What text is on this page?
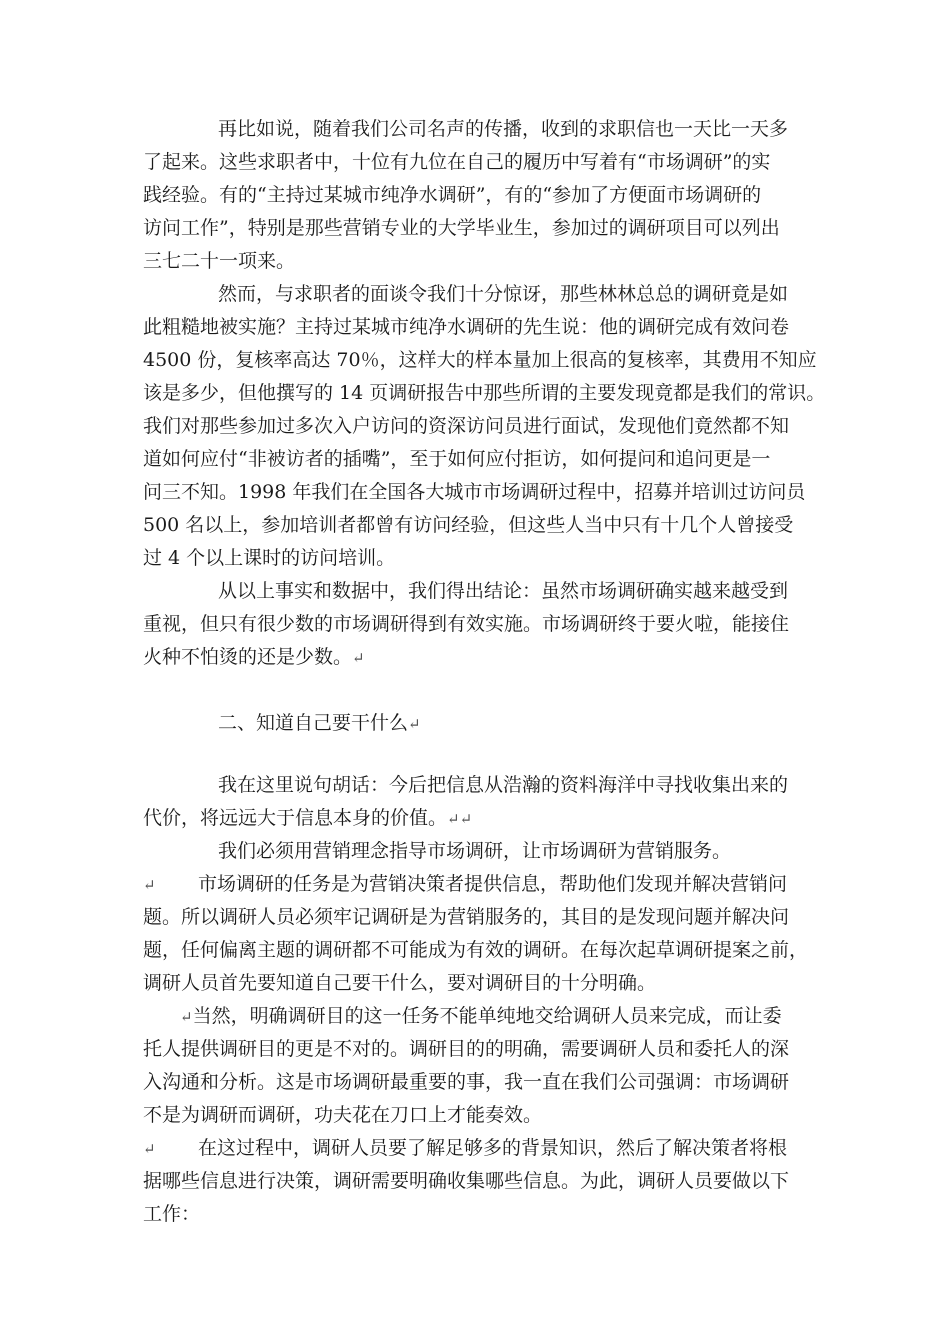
再比如说，随着我们公司名声的传播，收到的求职信也一天比一天多
了起来。这些求职者中，十位有九位在自己的履历中写着有“市场调研”的实
践经验。有的“主持过某城市纯净水调研”，有的“参加了方便面市场调研的
访问工作”，特别是那些营销专业的大学毕业生，参加过的调研项目可以列出
三七二十一项来。
然而，与求职者的面谈令我们十分惊讶，那些林林总总的调研竟是如
此粗糙地被实施？主持过某城市纯净水调研的先生说：他的调研完成有效问卷
4500 份，复核率高达 70％，这样大的样本量加上很高的复核率，其费用不知应
该是多少，但他撰写的 14 页调研报告中那些所谓的主要发现竟都是我们的常识。
我们对那些参加过多次入户访问的资深访问员进行面试，发现他们竟然都不知
道如何应付“非被访者的插嘴”，至于如何应付拒访，如何提问和追问更是一
问三不知。1998 年我们在全国各大城市市场调研过程中，招募并培训过访问员
500 名以上，参加培训者都曾有访问经验，但这些人当中只有十几个人曾接受
过 4 个以上课时的访问培训。
从以上事实和数据中，我们得出结论：虽然市场调研确实越来越受到
重视，但只有很少数的市场调研得到有效实施。市场调研终于要火啦，能接住
火种不怕烫的还是少数。↵
二、知道自己要干什么↵
我在这里说句胡话：今后把信息从浩瀚的资料海洋中寻找收集出来的
代价，将远远大于信息本身的价值。↵↵
我们必须用营销理念指导市场调研，让市场调研为营销服务。
↵ 市场调研的任务是为营销决策者提供信息，帮助他们发现并解决营销问
题。所以调研人员必须牢记调研是为营销服务的，其目的是发现问题并解决问
题，任何偏离主题的调研都不可能成为有效的调研。在每次起草调研提案之前，
调研人员首先要知道自己要干什么，要对调研目的十分明确。
↵当然，明确调研目的这一任务不能单纯地交给调研人员来完成，而让委
托人提供调研目的更是不对的。调研目的的明确，需要调研人员和委托人的深
入沟通和分析。这是市场调研最重要的事，我一直在我们公司强调：市场调研
不是为调研而调研，功夫花在刀口上才能奏效。
↵ 在这过程中，调研人员要了解足够多的背景知识，然后了解决策者将根
据哪些信息进行决策，调研需要明确收集哪些信息。为此，调研人员要做以下
工作：
